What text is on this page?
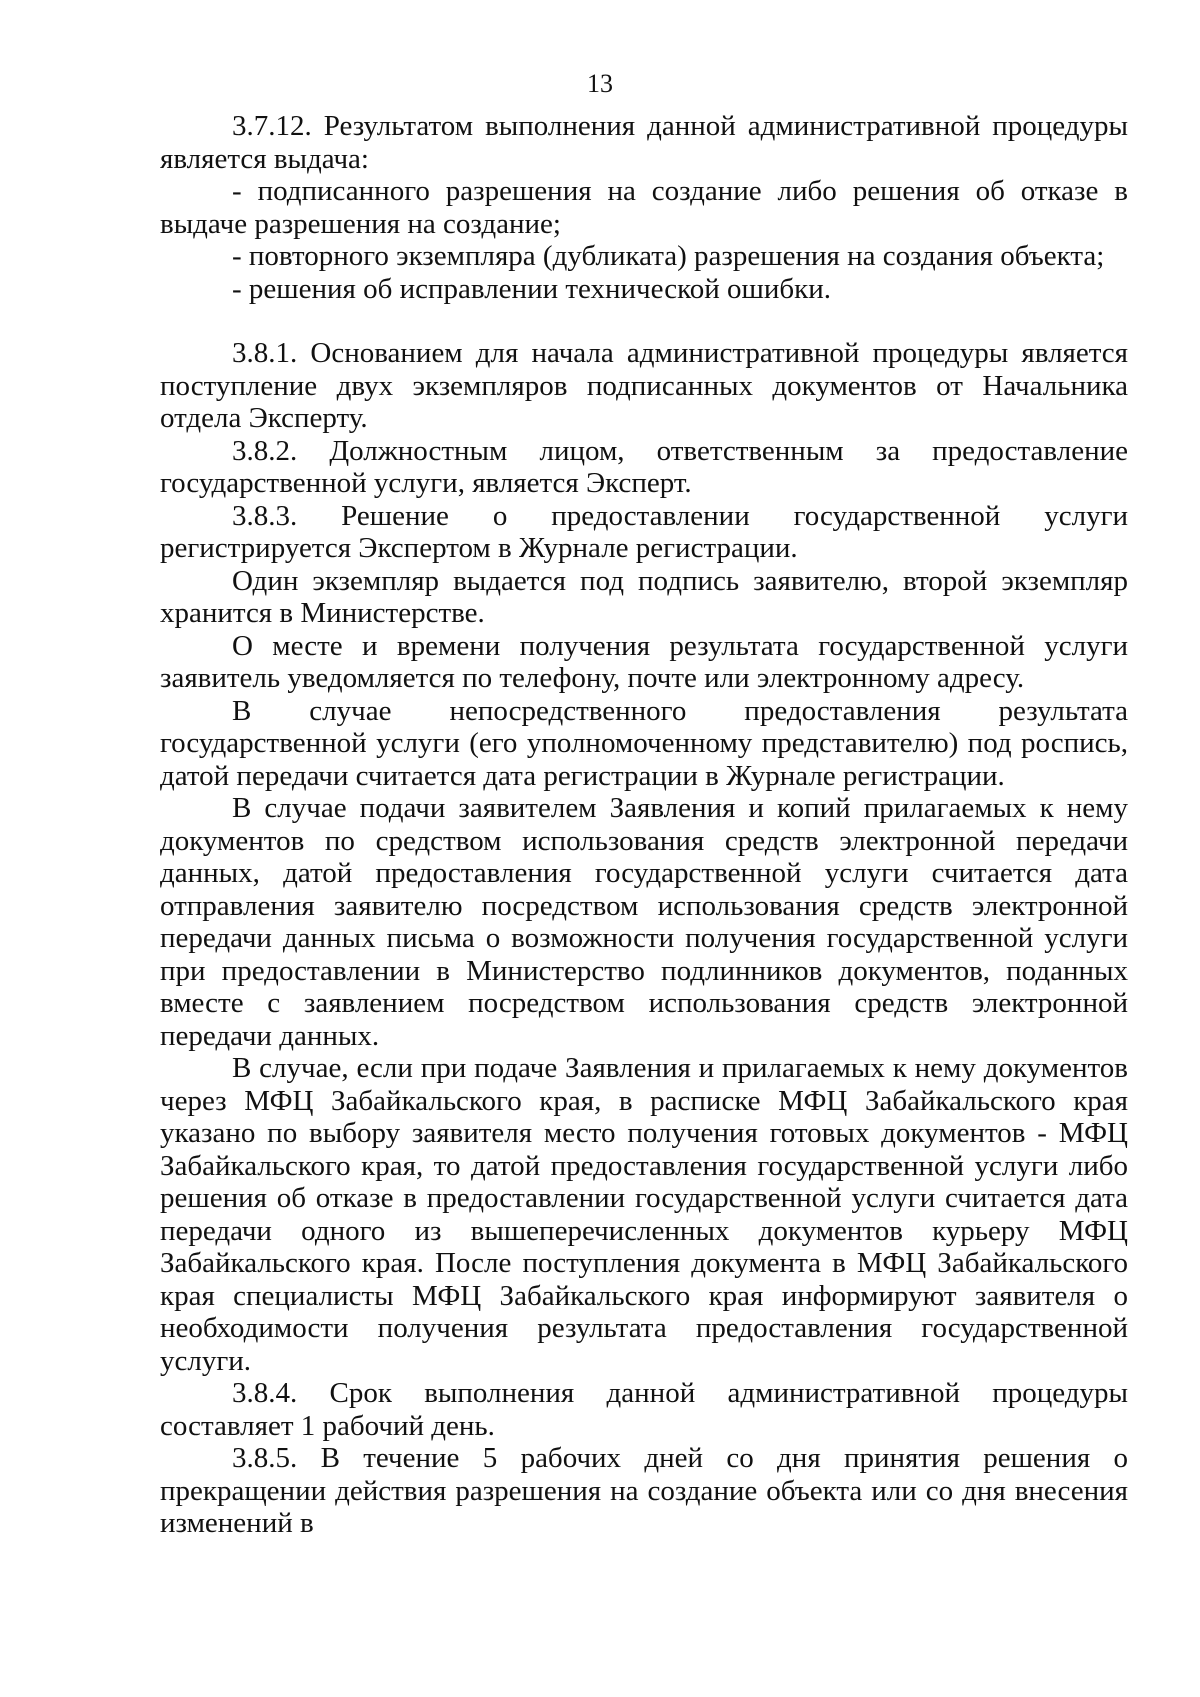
13

3.7.12. Результатом выполнения данной административной процедуры является выдача:

- подписанного разрешения на создание либо решения об отказе в выдаче разрешения на создание;

- повторного экземпляра (дубликата) разрешения на создания объекта;

- решения об исправлении технической ошибки.

3.8.1. Основанием для начала административной процедуры является поступление двух экземпляров подписанных документов от Начальника отдела Эксперту.

3.8.2. Должностным лицом, ответственным за предоставление государственной услуги, является Эксперт.

3.8.3. Решение о предоставлении государственной услуги регистрируется Экспертом в Журнале регистрации.

Один экземпляр выдается под подпись заявителю, второй экземпляр хранится в Министерстве.

О месте и времени получения результата государственной услуги заявитель уведомляется по телефону, почте или электронному адресу.

В случае непосредственного предоставления результата государственной услуги (его уполномоченному представителю) под роспись, датой передачи считается дата регистрации в Журнале регистрации.

В случае подачи заявителем Заявления и копий прилагаемых к нему документов по средством использования средств электронной передачи данных, датой предоставления государственной услуги считается дата отправления заявителю посредством использования средств электронной передачи данных письма о возможности получения государственной услуги при предоставлении в Министерство подлинников документов, поданных вместе с заявлением посредством использования средств электронной передачи данных.

В случае, если при подаче Заявления и прилагаемых к нему документов через МФЦ Забайкальского края, в расписке МФЦ Забайкальского края указано по выбору заявителя место получения готовых документов - МФЦ Забайкальского края, то датой предоставления государственной услуги либо решения об отказе в предоставлении государственной услуги считается дата передачи одного из вышеперечисленных документов курьеру МФЦ Забайкальского края. После поступления документа в МФЦ Забайкальского края специалисты МФЦ Забайкальского края информируют заявителя о необходимости получения результата предоставления государственной услуги.

3.8.4. Срок выполнения данной административной процедуры составляет 1 рабочий день.

3.8.5. В течение 5 рабочих дней со дня принятия решения о прекращении действия разрешения на создание объекта или со дня внесения изменений в
